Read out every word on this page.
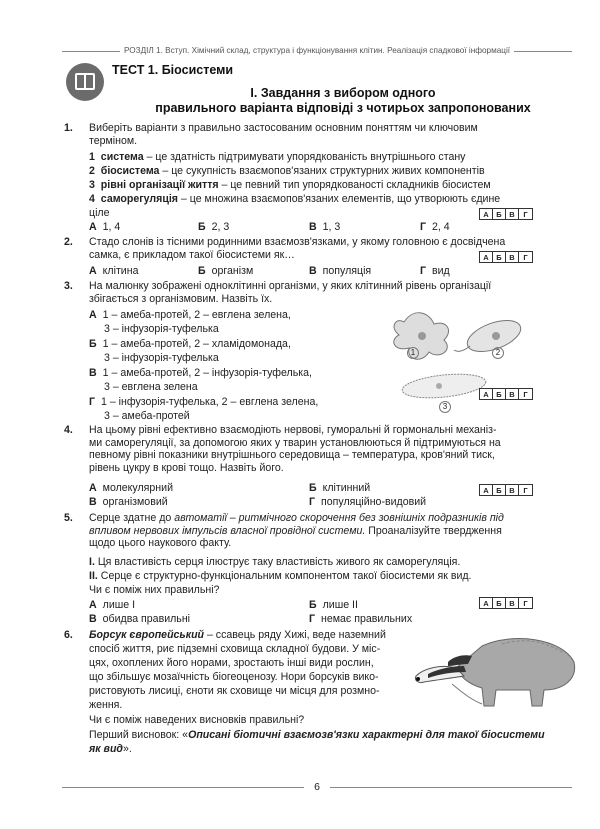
РОЗДІЛ 1. Вступ. Хімічний склад, структура і функціонування клітин. Реалізація спадкової інформації
ТЕСТ 1. Біосистеми
І. Завдання з вибором одного
правильного варіанта відповіді з чотирьох запропонованих
1. Виберіть варіанти з правильно застосованим основним поняттям чи ключовим
терміном.
1 система – це здатність підтримувати упорядкованість внутрішнього стану
2 біосистема – це сукупність взаємопов'язаних структурних живих компонентів
3 рівні організації життя – це певний тип упорядкованості складників біосистем
4 саморегуляція – це множина взаємопов'язаних елементів, що утворюють єдине
ціле
А 1, 4	Б 2, 3	В 1, 3	Г 2, 4
А	Б	В	Г
2. Стадо слонів із тісними родинними взаємозв'язками, у якому головною є досвідчена
самка, є прикладом такої біосистеми як…
А клітина	Б організм	В популяція	Г вид
А	Б	В	Г
3. На малюнку зображені одноклітинні організми, у яких клітинний рівень організації
збігається з організмовим. Назвіть їх.
А 1 – амеба-протей, 2 – евглена зелена,
3 – інфузорія-туфелька
Б 1 – амеба-протей, 2 – хламідомонада,
3 – інфузорія-туфелька
В 1 – амеба-протей, 2 – інфузорія-туфелька,
3 – евглена зелена
Г 1 – інфузорія-туфелька, 2 – евглена зелена,
3 – амеба-протей
1	2
3
А	Б	В	Г
4. На цьому рівні ефективно взаємодіють нервові, гуморальні й гормональні механіз-
ми саморегуляції, за допомогою яких у тварин установлюються й підтримуються на
певному рівні показники внутрішнього середовища – температура, кров'яний тиск,
рівень цукру в крові тощо. Назвіть його.
А молекулярний	Б клітинний
В організмовий	Г популяційно-видовий
А	Б	В	Г
5. Серце здатне до автоматії – ритмічного скорочення без зовнішніх подразників під
впливом нервових імпульсів власної провідної системи. Проаналізуйте твердження
щодо цього наукового факту.
І. Ця властивість серця ілюструє таку властивість живого як саморегуляція.
ІІ. Серце є структурно-функціональним компонентом такої біосистеми як вид.
Чи є поміж них правильні?
А лише І	Б лише ІІ
В обидва правильні	Г немає правильних
А	Б	В	Г
6. Борсук європейський – ссавець ряду Хижі, веде наземний
спосіб життя, риє підземні сховища складної будови. У міс-
цях, охоплених його норами, зростають інші види рослин,
що збільшує мозаїчність біогеоценозу. Нори борсуків вико-
ристовують лисиці, єноти як сховище чи місця для розмно-
ження.
Чи є поміж наведених висновків правильні?
Перший висновок: «Описані біотичні взаємозв'язки характерні для такої біосистеми
як вид».
6
